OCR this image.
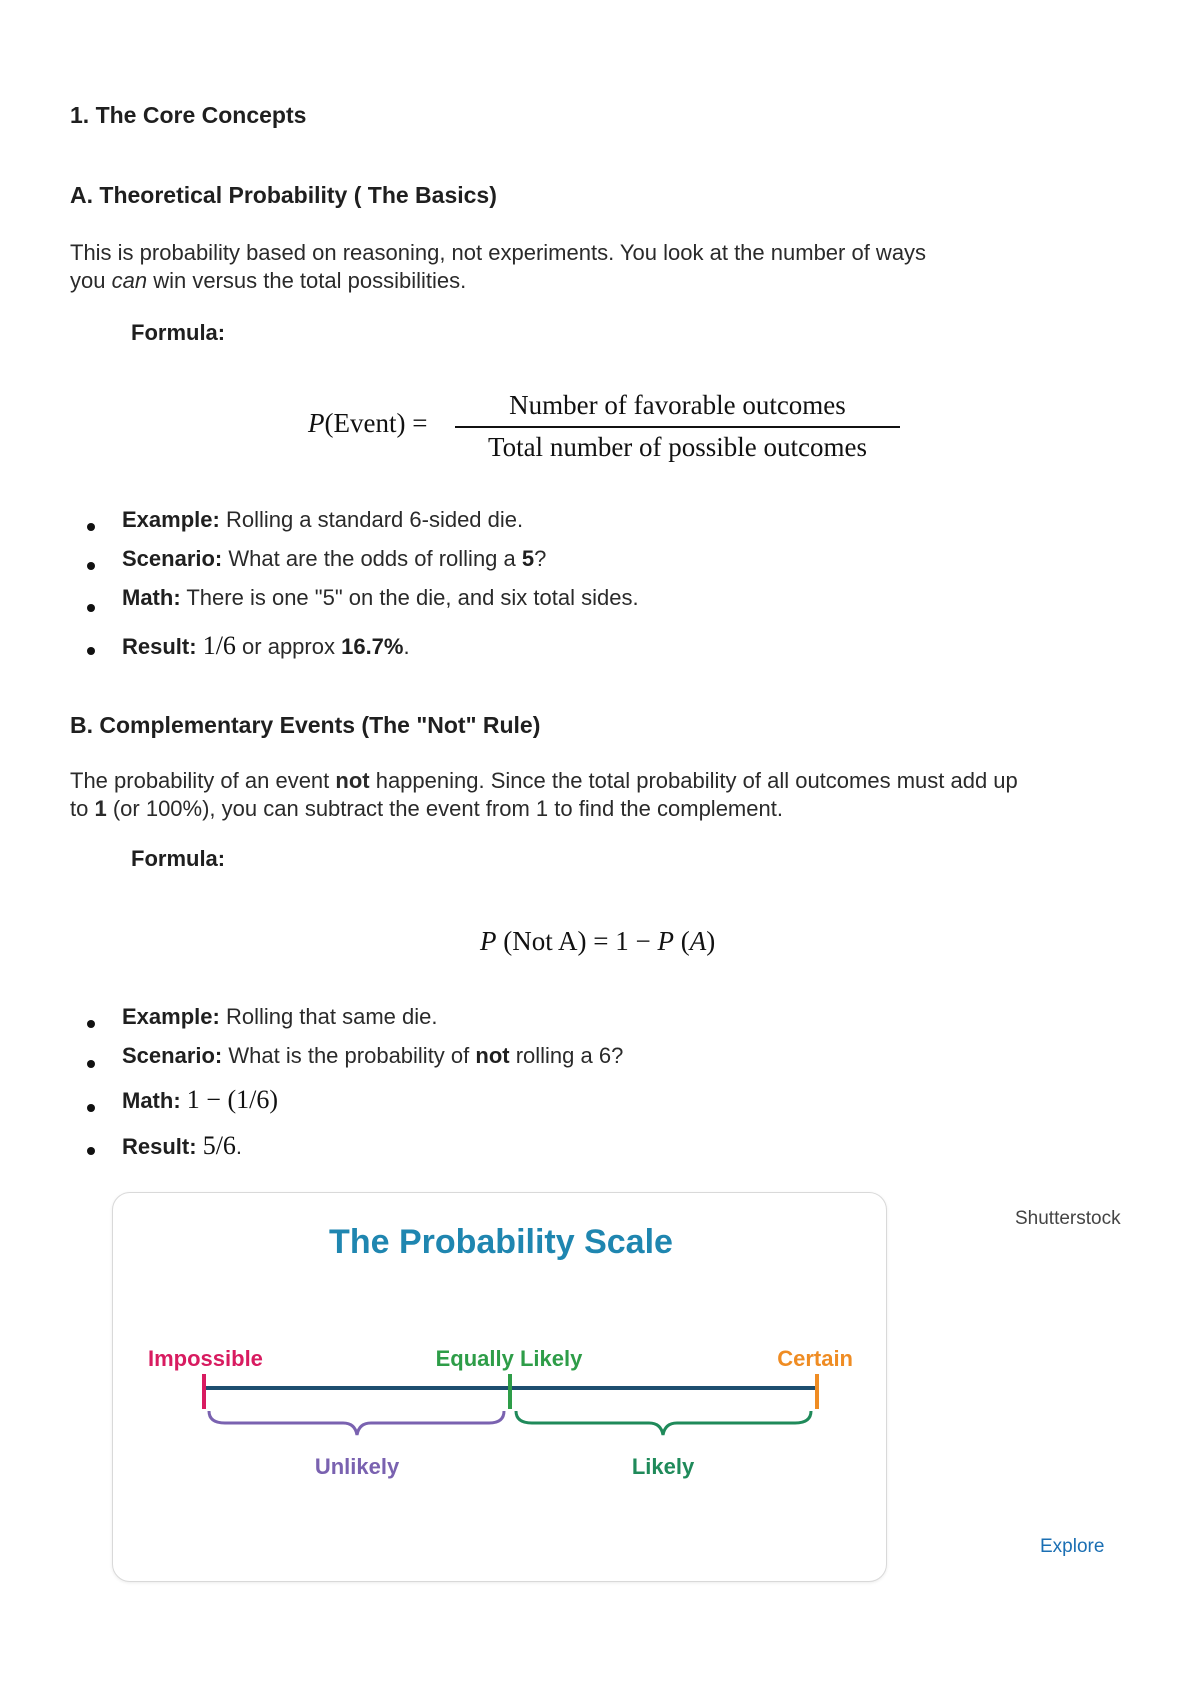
1. The Core Concepts
A. Theoretical Probability ( The Basics)
This is probability based on reasoning, not experiments. You look at the number of ways
you can win versus the total possibilities.
Formula:
P(Event) =
Number of favorable outcomes
Total number of possible outcomes
Example: Rolling a standard 6-sided die.
Scenario: What are the odds of rolling a 5?
Math: There is one "5" on the die, and six total sides.
Result: 1/6 or approx 16.7%.
B. Complementary Events (The "Not" Rule)
The probability of an event not happening. Since the total probability of all outcomes must add up
to 1 (or 100%), you can subtract the event from 1 to find the complement.
Formula:
P (Not A) = 1 − P (A)
Example: Rolling that same die.
Scenario: What is the probability of not rolling a 6?
Math: 1 − (1/6)
Result: 5/6.
The Probability Scale
Impossible	Equally Likely	Certain
Unlikely	Likely
Shutterstock
Explore
